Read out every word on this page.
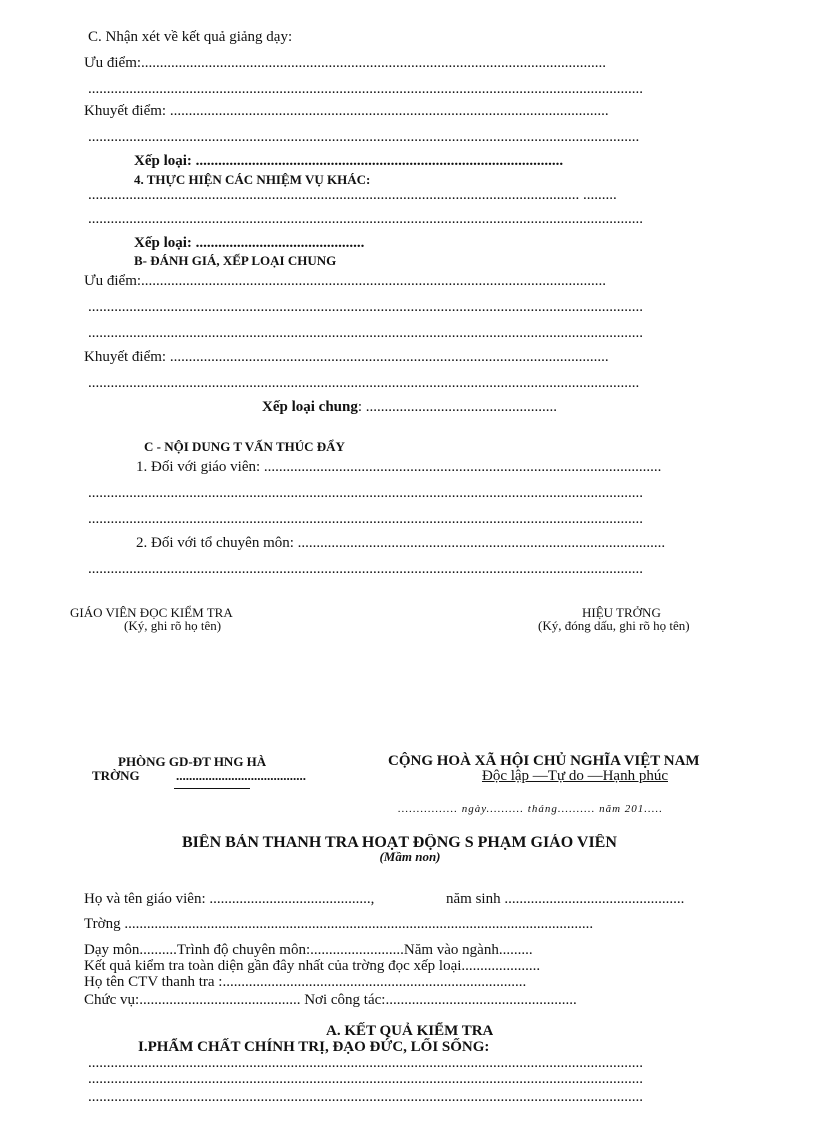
C. Nhận xét về kết quả giảng dạy:
Ưu điểm:............................................................................................................................
....................................................................................................................................................
Khuyết điểm: .....................................................................................................................
...................................................................................................................................................
Xếp loại: ..................................................................................................
4. THỰC HIỆN CÁC NHIỆM VỤ KHÁC:
................................................................................................................................... .........
....................................................................................................................................................
Xếp loại: .............................................
B- ĐÁNH GIÁ, XẾP LOẠI CHUNG
Ưu điểm:............................................................................................................................
....................................................................................................................................................
....................................................................................................................................................
Khuyết điểm: .....................................................................................................................
...................................................................................................................................................
Xếp loại chung: ...................................................
C - NỘI DUNG T VẤN THÚC ĐẨY
1. Đối với giáo viên: ..........................................................................................................
....................................................................................................................................................
....................................................................................................................................................
2. Đối với tổ chuyên môn: ..................................................................................................
....................................................................................................................................................
GIÁO VIÊN ĐỌC KIỂM TRA
(Ký, ghi rõ họ tên)
HIỆU TRỞNG
(Ký, đóng dấu, ghi rõ họ tên)
PHÒNG GD-ĐT HNG HÀ
TRỜNG	........................................
CỘNG HOÀ XÃ HỘI CHỦ NGHĨA VIỆT NAM
Độc lập —Tự do —Hạnh phúc
................ ngày.......... tháng.......... năm 201.....
BIÊN BẢN THANH TRA HOẠT ĐỘNG S PHẠM GIÁO VIÊN
(Mầm non)
Họ và tên giáo viên: ...........................................,	năm sinh ................................................
Trờng .............................................................................................................................
Dạy môn..........Trình độ chuyên môn:.........................Năm vào ngành.........
Kết quả kiểm tra toàn diện gần đây nhất của trờng đọc xếp loại.....................
Họ tên CTV thanh tra :.................................................................................
Chức vụ:........................................... Nơi công tác:...................................................
A. KẾT QUẢ KIỂM TRA
I.PHẨM CHẤT CHÍNH TRỊ, ĐẠO ĐỨC, LỐI SỐNG:
....................................................................................................................................................
....................................................................................................................................................
....................................................................................................................................................
